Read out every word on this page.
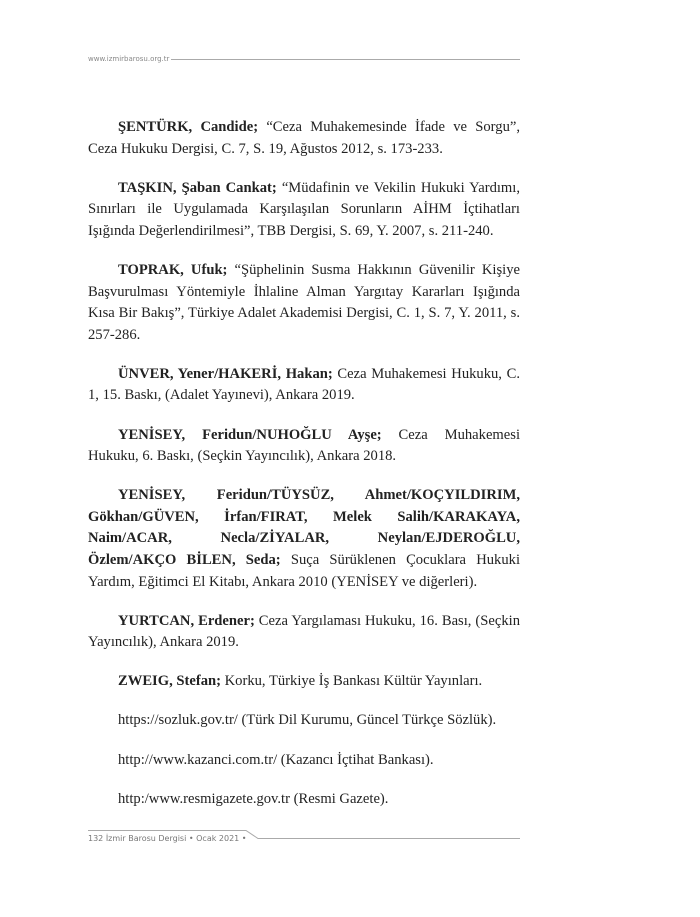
www.izmirbarosu.org.tr

ŞENTÜRK, Candide; “Ceza Muhakemesinde İfade ve Sorgu”, Ceza Hukuku Dergisi, C. 7, S. 19, Ağustos 2012, s. 173-233.

TAŞKIN, Şaban Cankat; “Müdafinin ve Vekilin Hukuki Yardımı, Sınırları ile Uygulamada Karşılaşılan Sorunların AİHM İçtihatları Işığında Değerlendirilmesi”, TBB Dergisi, S. 69, Y. 2007, s. 211-240.

TOPRAK, Ufuk; “Şüphelinin Susma Hakkının Güvenilir Kişiye Başvurulması Yöntemiyle İhlaline Alman Yargıtay Kararları Işığında Kısa Bir Bakış”, Türkiye Adalet Akademisi Dergisi, C. 1, S. 7, Y. 2011, s. 257-286.

ÜNVER, Yener/HAKERİ, Hakan; Ceza Muhakemesi Hukuku, C. 1, 15. Baskı, (Adalet Yayınevi), Ankara 2019.

YENİSEY, Feridun/NUHOĞLU Ayşe; Ceza Muhakemesi Hukuku, 6. Baskı, (Seçkin Yayıncılık), Ankara 2018.

YENİSEY, Feridun/TÜYSÜZ, Ahmet/KOÇYILDIRIM, Gökhan/GÜVEN, İrfan/FIRAT, Melek Salih/KARAKAYA, Naim/ACAR, Necla/ZİYALAR, Neylan/EJDEROĞLU, Özlem/AKÇO BİLEN, Seda; Suça Sürüklenen Çocuklara Hukuki Yardım, Eğitimci El Kitabı, Ankara 2010 (YENİSEY ve diğerleri).

YURTCAN, Erdener; Ceza Yargılaması Hukuku, 16. Bası, (Seçkin Yayıncılık), Ankara 2019.

ZWEIG, Stefan; Korku, Türkiye İş Bankası Kültür Yayınları.

https://sozluk.gov.tr/ (Türk Dil Kurumu, Güncel Türkçe Sözlük).

http://www.kazanci.com.tr/ (Kazancı İçtihat Bankası).

http:/www.resmigazete.gov.tr (Resmi Gazete).

132 İzmir Barosu Dergisi • Ocak 2021 •
